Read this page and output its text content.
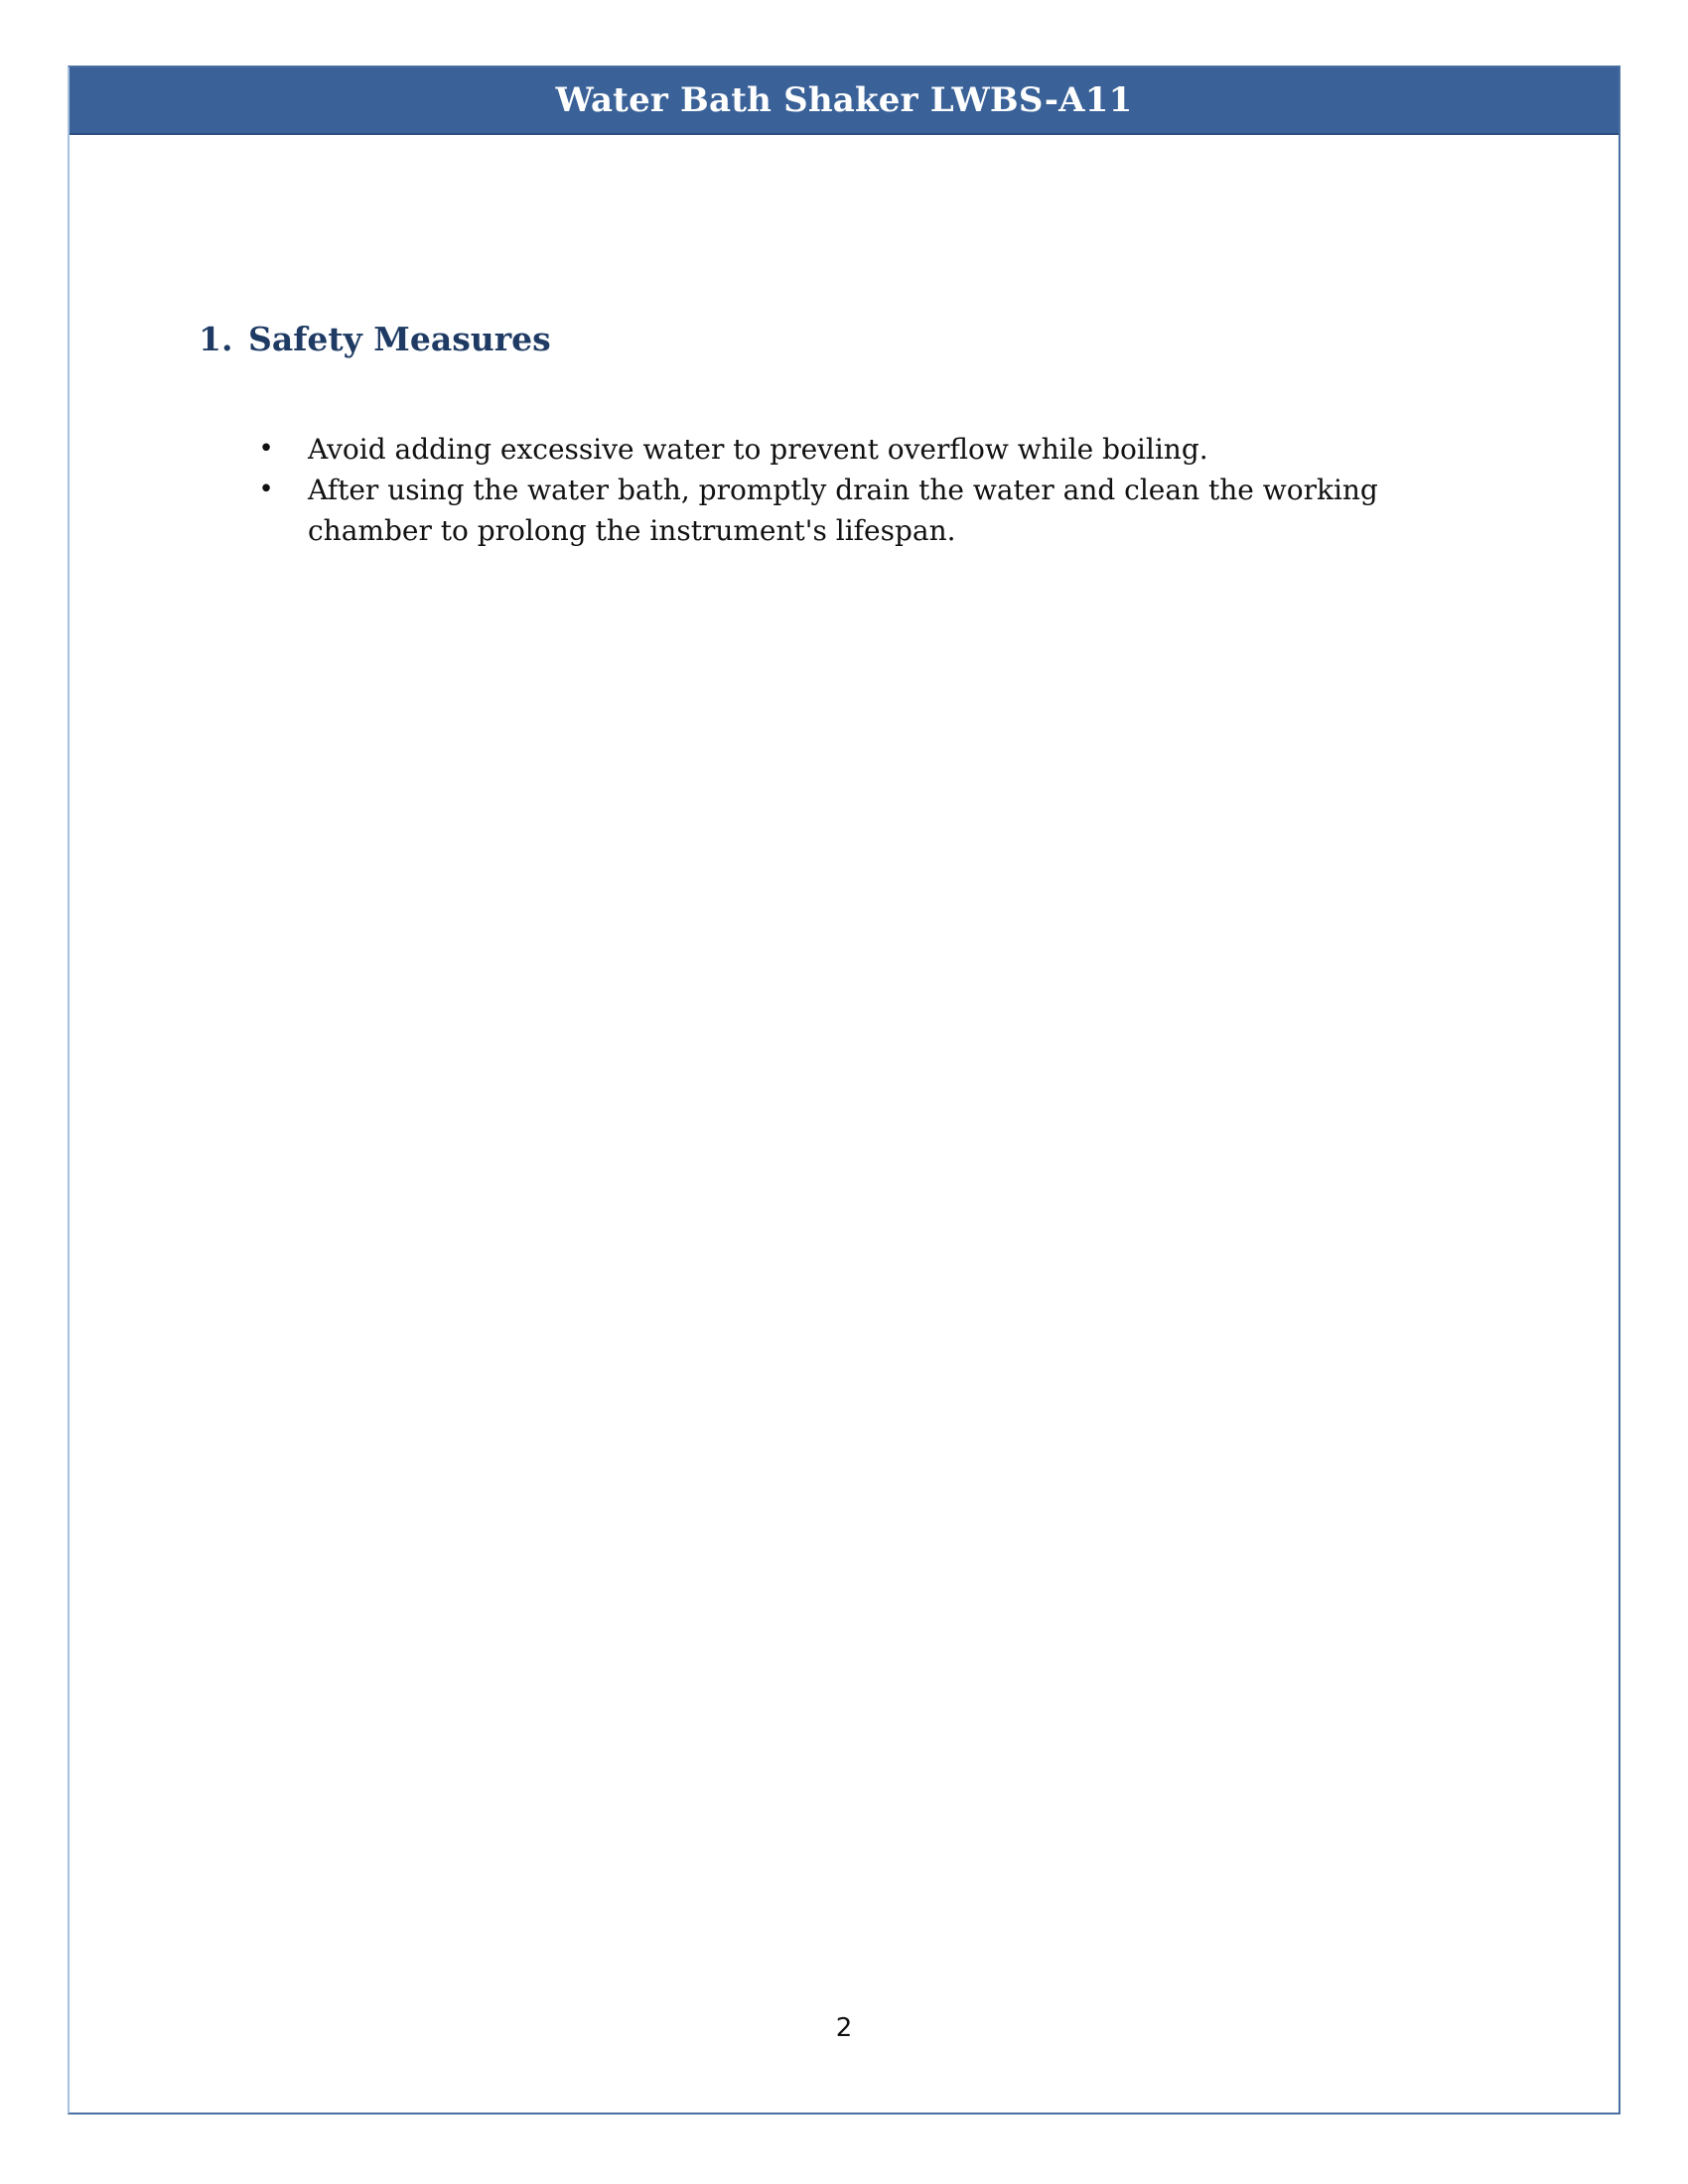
Water Bath Shaker LWBS-A11
1. Safety Measures
• Avoid adding excessive water to prevent overflow while boiling.
• After using the water bath, promptly drain the water and clean the working chamber to prolong the instrument's lifespan.
2
